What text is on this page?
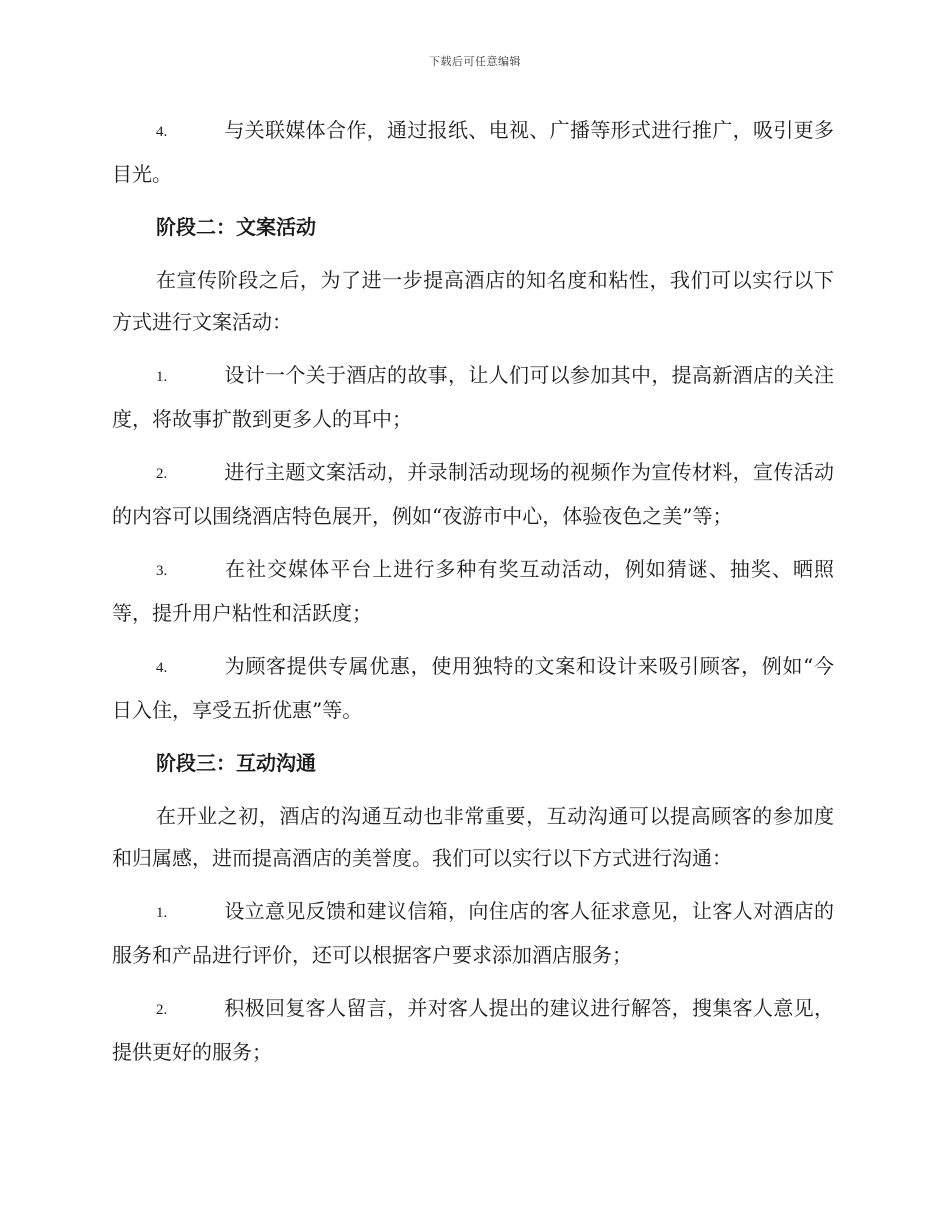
下载后可任意编辑

4.	与关联媒体合作，通过报纸、电视、广播等形式进行推广，吸引更多目光。

阶段二：文案活动

在宣传阶段之后，为了进一步提高酒店的知名度和粘性，我们可以实行以下方式进行文案活动：

1.	设计一个关于酒店的故事，让人们可以参加其中，提高新酒店的关注度，将故事扩散到更多人的耳中；

2.	进行主题文案活动，并录制活动现场的视频作为宣传材料，宣传活动的内容可以围绕酒店特色展开，例如“夜游市中心，体验夜色之美”等；

3.	在社交媒体平台上进行多种有奖互动活动，例如猜谜、抽奖、晒照等，提升用户粘性和活跃度；

4.	为顾客提供专属优惠，使用独特的文案和设计来吸引顾客，例如“今日入住，享受五折优惠”等。

阶段三：互动沟通

在开业之初，酒店的沟通互动也非常重要，互动沟通可以提高顾客的参加度和归属感，进而提高酒店的美誉度。我们可以实行以下方式进行沟通：

1.	设立意见反馈和建议信箱，向住店的客人征求意见，让客人对酒店的服务和产品进行评价，还可以根据客户要求添加酒店服务；

2.	积极回复客人留言，并对客人提出的建议进行解答，搜集客人意见，提供更好的服务；
